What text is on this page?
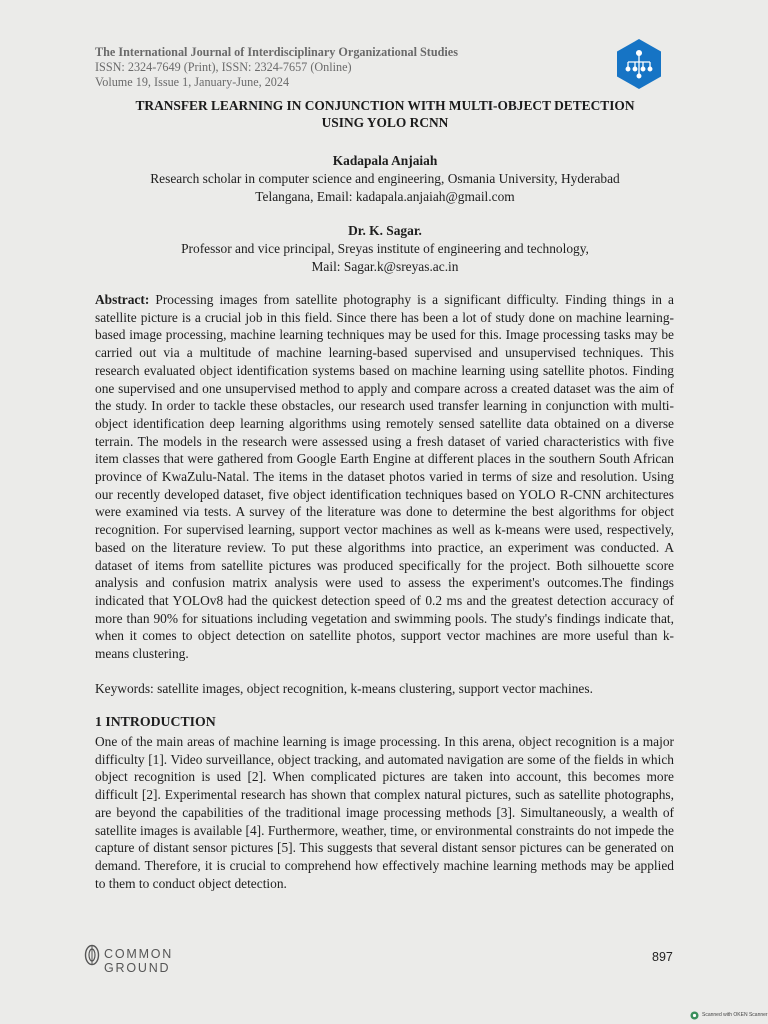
The International Journal of Interdisciplinary Organizational Studies
ISSN: 2324-7649 (Print), ISSN: 2324-7657 (Online)
Volume 19, Issue 1, January-June, 2024
TRANSFER LEARNING IN CONJUNCTION WITH MULTI-OBJECT DETECTION
USING YOLO RCNN
Kadapala Anjaiah
Research scholar in computer science and engineering, Osmania University, Hyderabad
Telangana, Email: kadapala.anjaiah@gmail.com
Dr. K. Sagar.
Professor and vice principal, Sreyas institute of engineering and technology,
Mail: Sagar.k@sreyas.ac.in
Abstract: Processing images from satellite photography is a significant difficulty. Finding things in a satellite picture is a crucial job in this field. Since there has been a lot of study done on machine learning-based image processing, machine learning techniques may be used for this. Image processing tasks may be carried out via a multitude of machine learning-based supervised and unsupervised techniques. This research evaluated object identification systems based on machine learning using satellite photos. Finding one supervised and one unsupervised method to apply and compare across a created dataset was the aim of the study. In order to tackle these obstacles, our research used transfer learning in conjunction with multi-object identification deep learning algorithms using remotely sensed satellite data obtained on a diverse terrain. The models in the research were assessed using a fresh dataset of varied characteristics with five item classes that were gathered from Google Earth Engine at different places in the southern South African province of KwaZulu-Natal. The items in the dataset photos varied in terms of size and resolution. Using our recently developed dataset, five object identification techniques based on YOLO R-CNN architectures were examined via tests. A survey of the literature was done to determine the best algorithms for object recognition. For supervised learning, support vector machines as well as k-means were used, respectively, based on the literature review. To put these algorithms into practice, an experiment was conducted. A dataset of items from satellite pictures was produced specifically for the project. Both silhouette score analysis and confusion matrix analysis were used to assess the experiment's outcomes.The findings indicated that YOLOv8 had the quickest detection speed of 0.2 ms and the greatest detection accuracy of more than 90% for situations including vegetation and swimming pools. The study's findings indicate that, when it comes to object detection on satellite photos, support vector machines are more useful than k-means clustering.
Keywords: satellite images, object recognition, k-means clustering, support vector machines.
1 INTRODUCTION
One of the main areas of machine learning is image processing. In this arena, object recognition is a major difficulty [1]. Video surveillance, object tracking, and automated navigation are some of the fields in which object recognition is used [2]. When complicated pictures are taken into account, this becomes more difficult [2]. Experimental research has shown that complex natural pictures, such as satellite photographs, are beyond the capabilities of the traditional image processing methods [3]. Simultaneously, a wealth of satellite images is available [4]. Furthermore, weather, time, or environmental constraints do not impede the capture of distant sensor pictures [5]. This suggests that several distant sensor pictures can be generated on demand. Therefore, it is crucial to comprehend how effectively machine learning methods may be applied to them to conduct object detection.
COMMON GROUND
897
Scanned with OKEN Scanner
